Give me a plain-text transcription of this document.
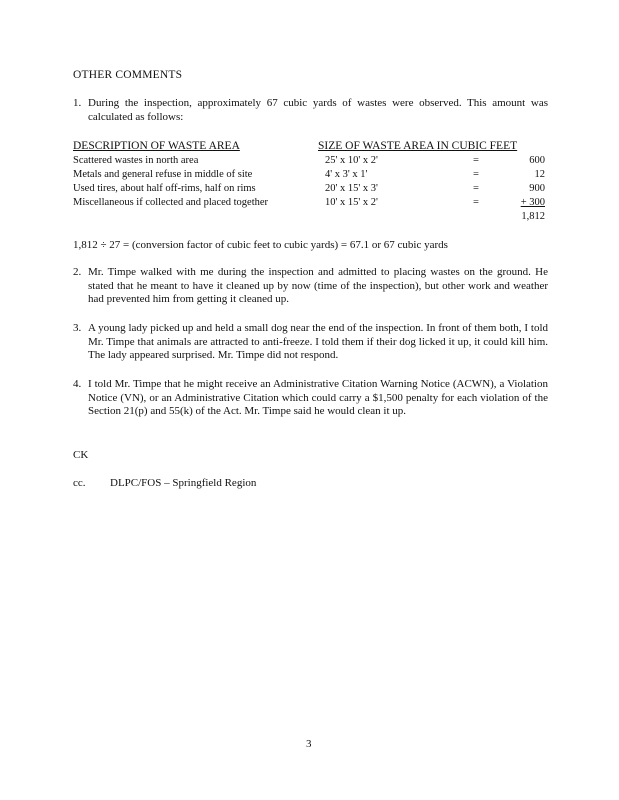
OTHER COMMENTS
1. During the inspection, approximately 67 cubic yards of wastes were observed. This amount was calculated as follows:
DESCRIPTION OF WASTE AREA	SIZE OF WASTE AREA IN CUBIC FEET
Scattered wastes in north area	25' x 10' x 2'	=	600
Metals and general refuse in middle of site	4' x 3' x 1'	=	12
Used tires, about half off-rims, half on rims	20' x 15' x 3'	=	900
Miscellaneous if collected and placed together	10' x 15' x 2'	=	+ 300
1,812
1,812 ÷ 27 = (conversion factor of cubic feet to cubic yards) = 67.1 or 67 cubic yards
2. Mr. Timpe walked with me during the inspection and admitted to placing wastes on the ground. He stated that he meant to have it cleaned up by now (time of the inspection), but other work and weather had prevented him from getting it cleaned up.
3. A young lady picked up and held a small dog near the end of the inspection. In front of them both, I told Mr. Timpe that animals are attracted to anti-freeze. I told them if their dog licked it up, it could kill him. The lady appeared surprised. Mr. Timpe did not respond.
4. I told Mr. Timpe that he might receive an Administrative Citation Warning Notice (ACWN), a Violation Notice (VN), or an Administrative Citation which could carry a $1,500 penalty for each violation of the Section 21(p) and 55(k) of the Act. Mr. Timpe said he would clean it up.
CK
cc. DLPC/FOS – Springfield Region
3
